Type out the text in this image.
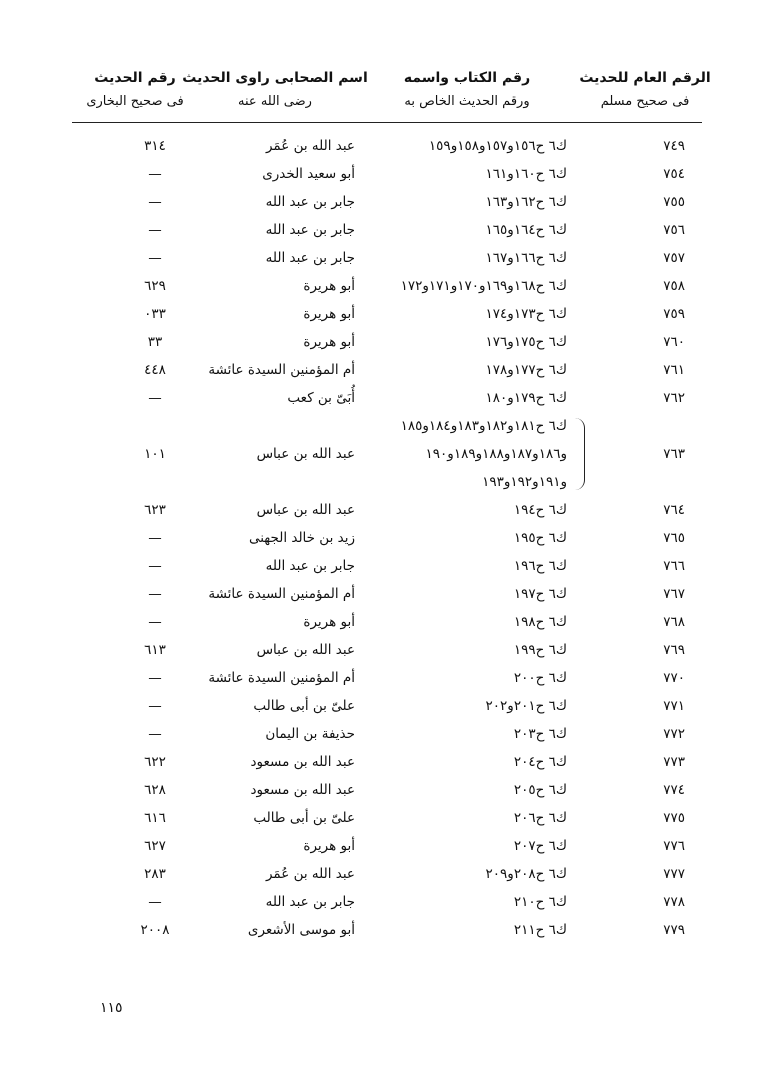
الرقم العام للحديث
فى صحيح مسلم
رقم الكتاب واسمه
ورقم الحديث الخاص به
اسم الصحابى راوى الحديث
رضى الله عنه
رقم الحديث
فى صحيح البخارى
٧٤٩
ك٦ ح١٥٦و١٥٧و١٥٨و١٥٩
عبد الله بن عُمَر
٣١٤
٧٥٤
ك٦ ح١٦٠و١٦١
أبو سعيد الخدرى
—
٧٥٥
ك٦ ح١٦٢و١٦٣
جابر بن عبد الله
—
٧٥٦
ك٦ ح١٦٤و١٦٥
جابر بن عبد الله
—
٧٥٧
ك٦ ح١٦٦و١٦٧
جابر بن عبد الله
—
٧٥٨
ك٦ ح١٦٨و١٦٩و١٧٠و١٧١و١٧٢
أبو هريرة
٦٢٩
٧٥٩
ك٦ ح١٧٣و١٧٤
أبو هريرة
٠٣٣
٧٦٠
ك٦ ح١٧٥و١٧٦
أبو هريرة
٣٣
٧٦١
ك٦ ح١٧٧و١٧٨
أم المؤمنين السيدة عائشة
٤٤٨
٧٦٢
ك٦ ح١٧٩و١٨٠
أُبَىّ بن كعب
—
٧٦٣
ك٦ ح١٨١و١٨٢و١٨٣و١٨٤و١٨٥
و١٨٦و١٨٧و١٨٨و١٨٩و١٩٠
و١٩١و١٩٢و١٩٣
عبد الله بن عباس
١٠١
٧٦٤
ك٦ ح١٩٤
عبد الله بن عباس
٦٢٣
٧٦٥
ك٦ ح١٩٥
زيد بن خالد الجهنى
—
٧٦٦
ك٦ ح١٩٦
جابر بن عبد الله
—
٧٦٧
ك٦ ح١٩٧
أم المؤمنين السيدة عائشة
—
٧٦٨
ك٦ ح١٩٨
أبو هريرة
—
٧٦٩
ك٦ ح١٩٩
عبد الله بن عباس
٦١٣
٧٧٠
ك٦ ح٢٠٠
أم المؤمنين السيدة عائشة
—
٧٧١
ك٦ ح٢٠١و٢٠٢
علىّ بن أبى طالب
—
٧٧٢
ك٦ ح٢٠٣
حذيفة بن اليمان
—
٧٧٣
ك٦ ح٢٠٤
عبد الله بن مسعود
٦٢٢
٧٧٤
ك٦ ح٢٠٥
عبد الله بن مسعود
٦٢٨
٧٧٥
ك٦ ح٢٠٦
علىّ بن أبى طالب
٦١٦
٧٧٦
ك٦ ح٢٠٧
أبو هريرة
٦٢٧
٧٧٧
ك٦ ح٢٠٨و٢٠٩
عبد الله بن عُمَر
٢٨٣
٧٧٨
ك٦ ح٢١٠
جابر بن عبد الله
—
٧٧٩
ك٦ ح٢١١
أبو موسى الأشعرى
٢٠٠٨
١١٥
